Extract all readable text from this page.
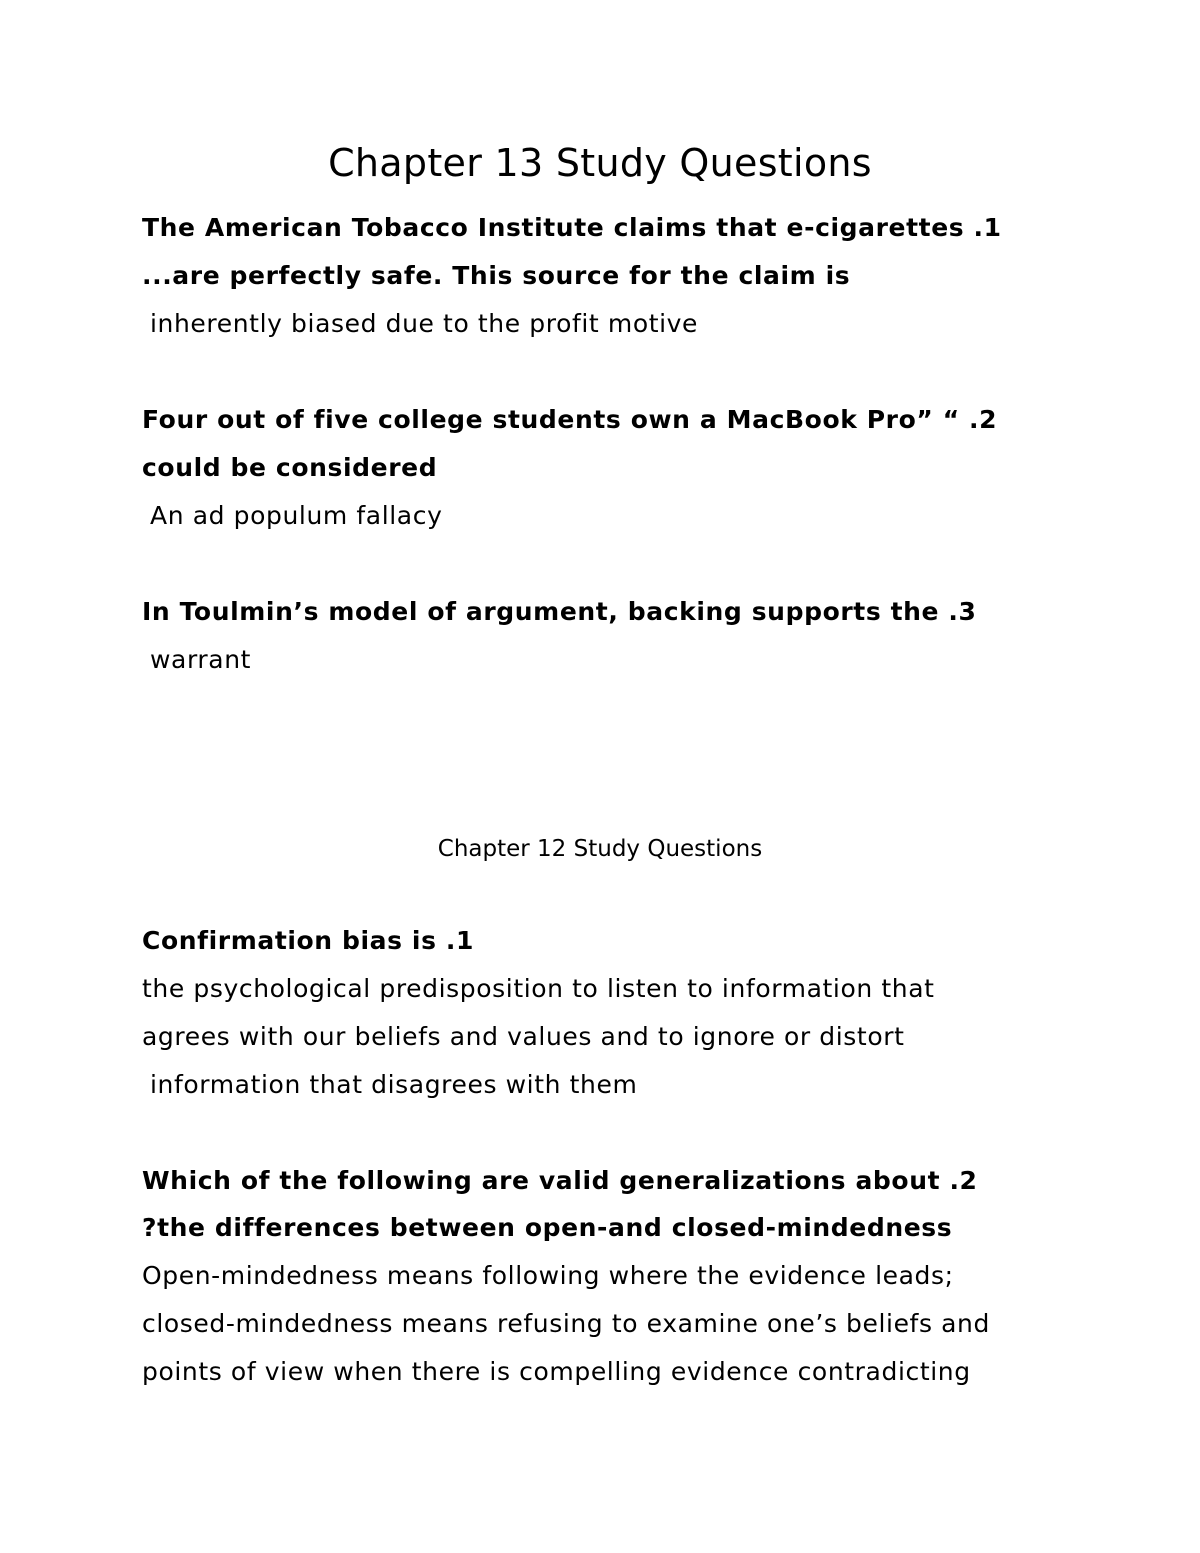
Chapter 13 Study Questions
The American Tobacco Institute claims that e-cigarettes .1
...are perfectly safe. This source for the claim is
inherently biased due to the profit motive
Four out of five college students own a MacBook Pro” “ .2
could be considered
An ad populum fallacy
In Toulmin’s model of argument, backing supports the .3
warrant
Chapter 12 Study Questions
Confirmation bias is .1
the psychological predisposition to listen to information that
agrees with our beliefs and values and to ignore or distort
information that disagrees with them
Which of the following are valid generalizations about .2
?the differences between open-and closed-mindedness
Open-mindedness means following where the evidence leads;
closed-mindedness means refusing to examine one’s beliefs and
points of view when there is compelling evidence contradicting
